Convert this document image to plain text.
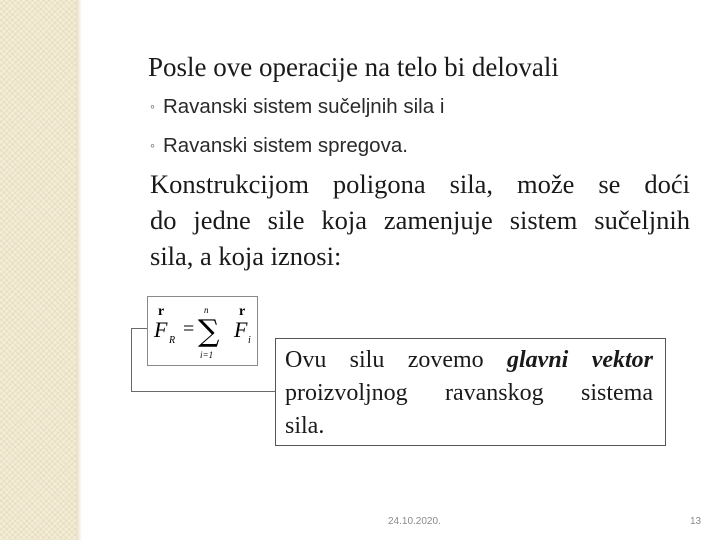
Posle ove operacije na telo bi delovali
◦ Ravanski sistem sučeljnih sila i
◦ Ravanski sistem spregova.
Konstrukcijom poligona sila, može se doći
do jedne sile koja zamenjuje sistem sučeljnih
sila, a koja iznosi:
r
F R
=
n
∑
i=1
r
F i
Ovu silu zovemo glavni vektor
proizvoljnog ravanskog sistema
sila.
24.10.2020.	13
